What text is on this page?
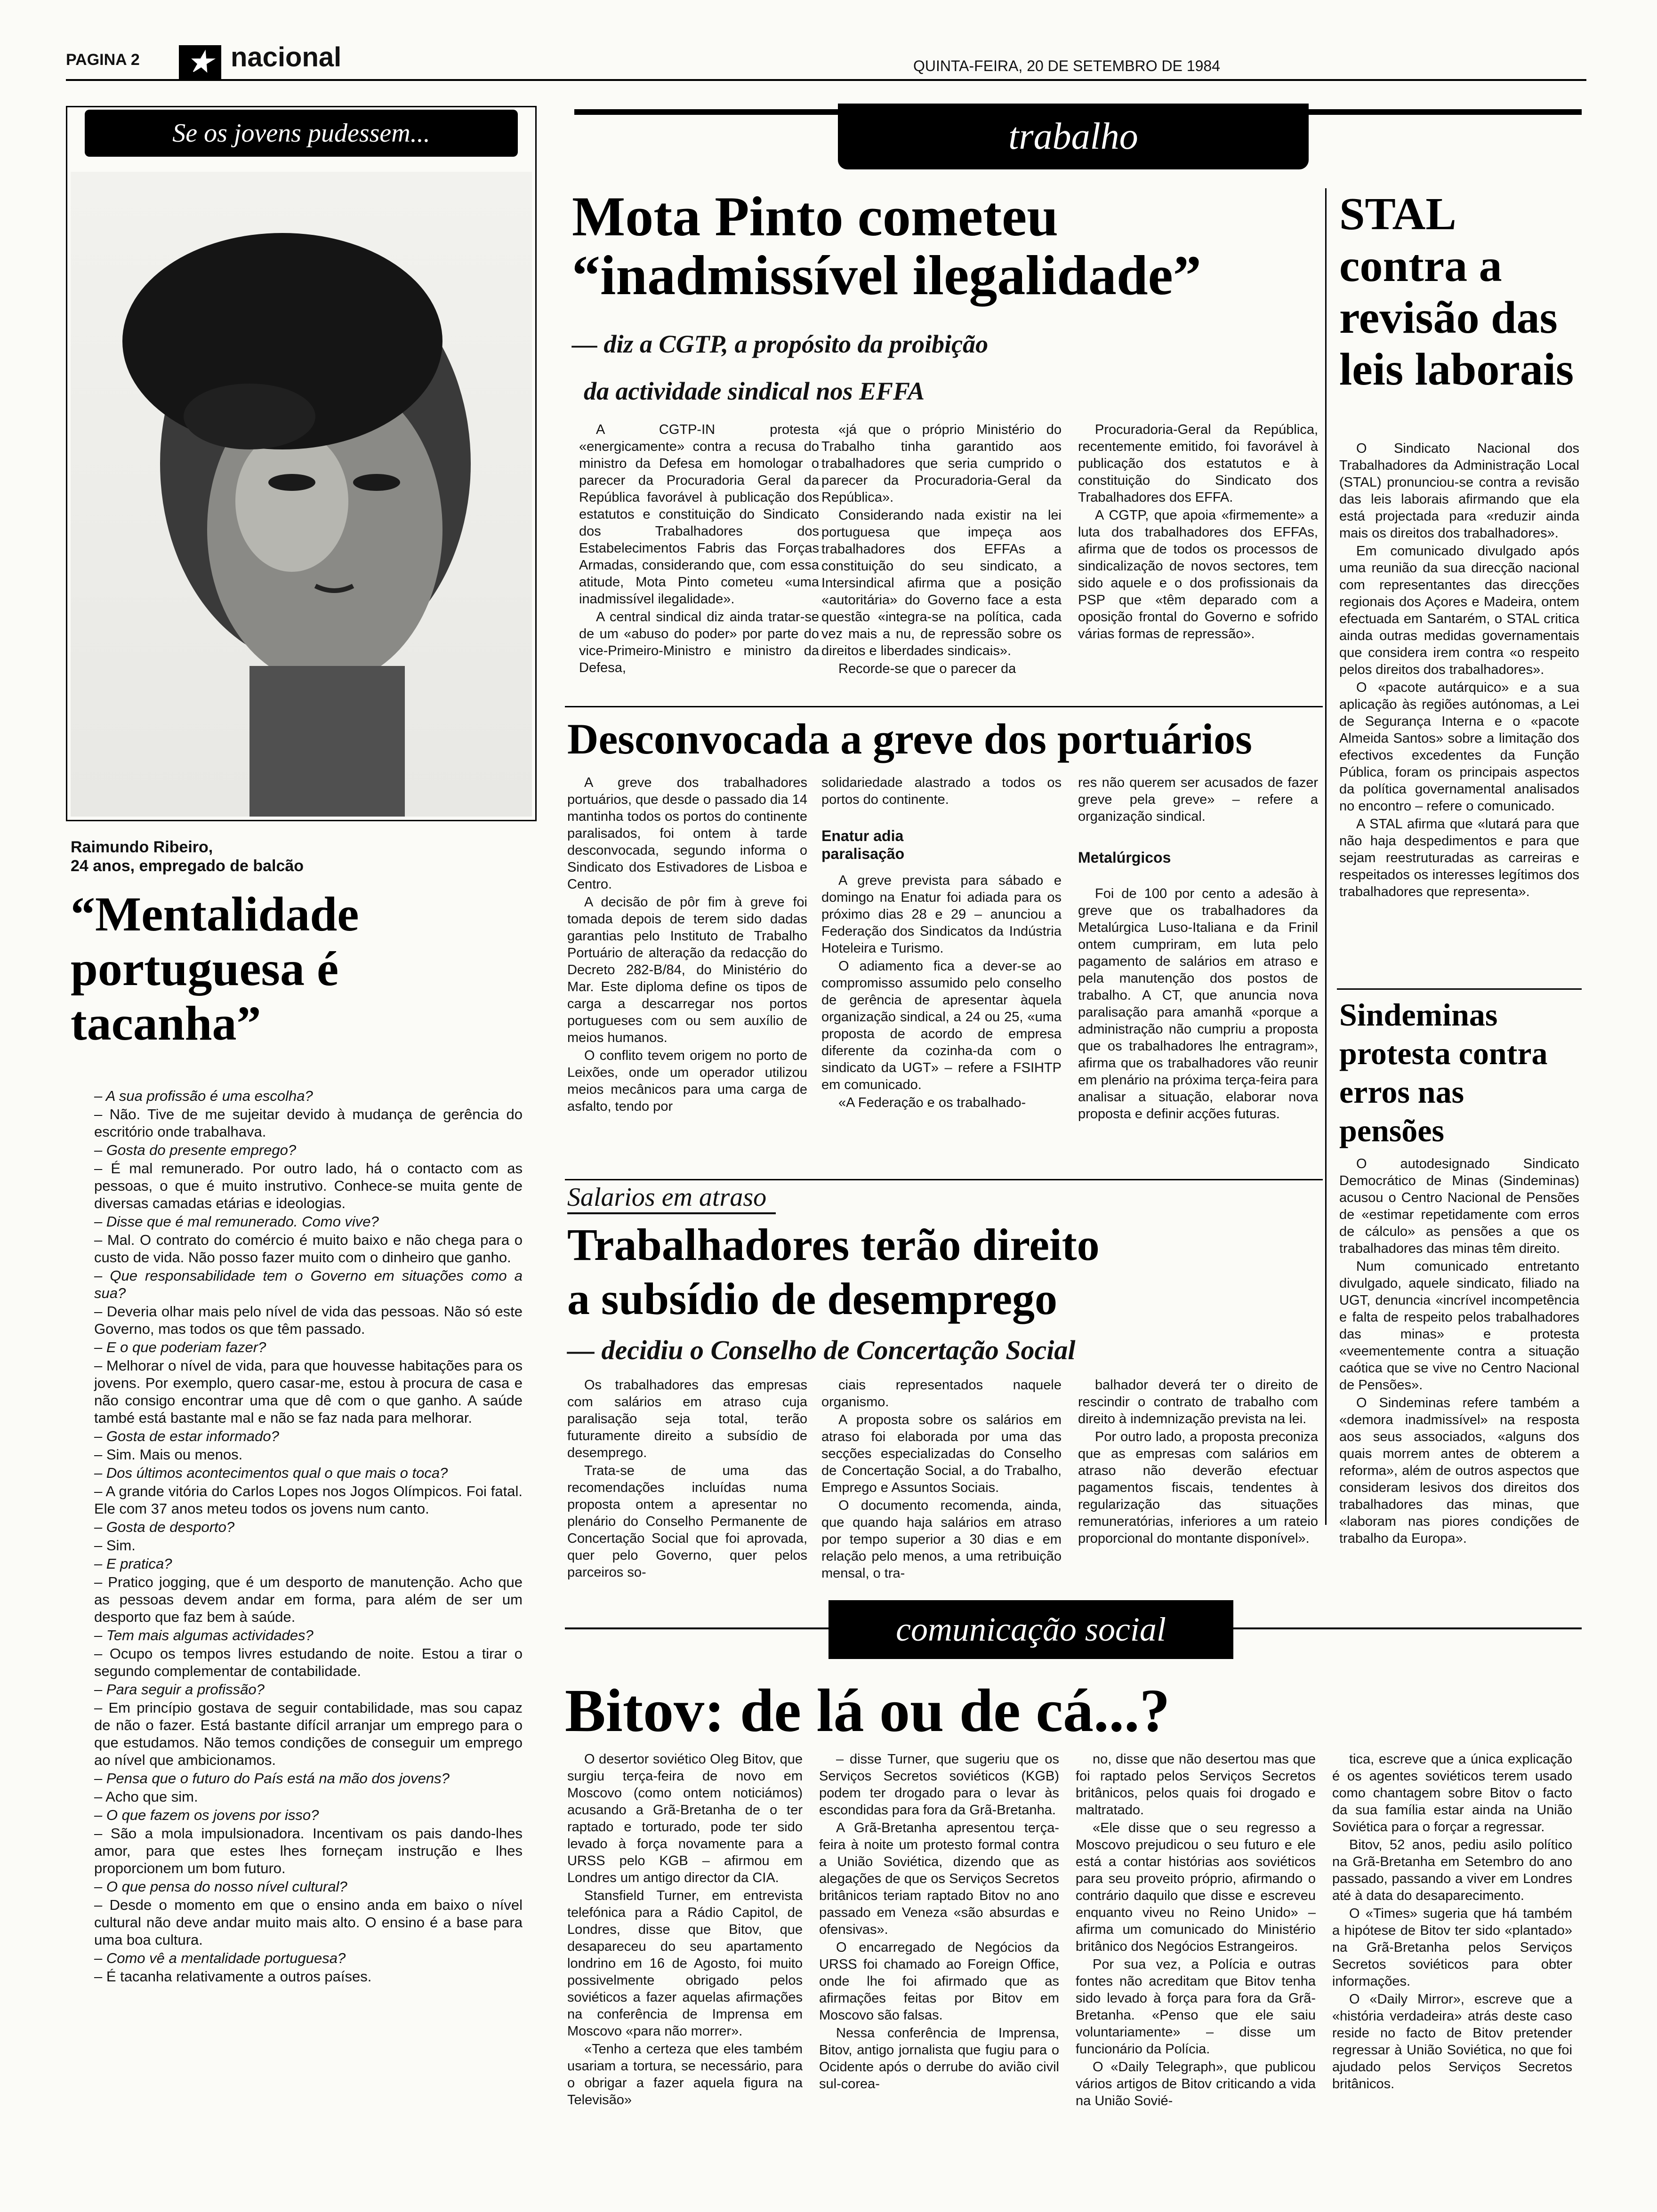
PAGINA 2	★ nacional	QUINTA-FEIRA, 20 DE SETEMBRO DE 1984
Se os jovens pudessem...
Raimundo Ribeiro,
24 anos, empregado de balcão
“Mentalidade portuguesa é tacanha”

– A sua profissão é uma escolha?

– Não. Tive de me sujeitar devido à mudança de gerência do escritório onde trabalhava.

– Gosta do presente emprego?

– É mal remunerado. Por outro lado, há o contacto com as pessoas, o que é muito instrutivo. Conhece-se muita gente de diversas camadas etárias e ideologias.

– Disse que é mal remunerado. Como vive?

– Mal. O contrato do comércio é muito baixo e não chega para o custo de vida. Não posso fazer muito com o dinheiro que ganho.

– Que responsabilidade tem o Governo em situações como a sua?

– Deveria olhar mais pelo nível de vida das pessoas. Não só este Governo, mas todos os que têm passado.

– E o que poderiam fazer?

– Melhorar o nível de vida, para que houvesse habitações para os jovens. Por exemplo, quero casar-me, estou à procura de casa e não consigo encontrar uma que dê com o que ganho. A saúde també está bastante mal e não se faz nada para melhorar.

– Gosta de estar informado?

– Sim. Mais ou menos.

– Dos últimos acontecimentos qual o que mais o toca?

– A grande vitória do Carlos Lopes nos Jogos Olímpicos. Foi fatal. Ele com 37 anos meteu todos os jovens num canto.

– Gosta de desporto?

– Sim.

– E pratica?

– Pratico jogging, que é um desporto de manutenção. Acho que as pessoas devem andar em forma, para além de ser um desporto que faz bem à saúde.

– Tem mais algumas actividades?

– Ocupo os tempos livres estudando de noite. Estou a tirar o segundo complementar de contabilidade.

– Para seguir a profissão?

– Em princípio gostava de seguir contabilidade, mas sou capaz de não o fazer. Está bastante difícil arranjar um emprego para o que estudamos. Não temos condições de conseguir um emprego ao nível que ambicionamos.

– Pensa que o futuro do País está na mão dos jovens?

– Acho que sim.

– O que fazem os jovens por isso?

– São a mola impulsionadora. Incentivam os pais dando-lhes amor, para que estes lhes forneçam instrução e lhes proporcionem um bom futuro.

– O que pensa do nosso nível cultural?

– Desde o momento em que o ensino anda em baixo o nível cultural não deve andar muito mais alto. O ensino é a base para uma boa cultura.

– Como vê a mentalidade portuguesa?

– É tacanha relativamente a outros países.

trabalho
Mota Pinto cometeu
“inadmissível ilegalidade”
— diz a CGTP, a propósito da proibição
da actividade sindical nos EFFA

A CGTP-IN protesta «energicamente» contra a recusa do ministro da Defesa em homologar o parecer da Procuradoria Geral da República favorável à publicação dos estatutos e constituição do Sindicato dos Trabalhadores dos Estabelecimentos Fabris das Forças Armadas, considerando que, com essa atitude, Mota Pinto cometeu «uma inadmissível ilegalidade».

A central sindical diz ainda tratar-se de um «abuso do poder» por parte do vice-Primeiro-Ministro e ministro da Defesa,

«já que o próprio Ministério do Trabalho tinha garantido aos trabalhadores que seria cumprido o parecer da Procuradoria-Geral da República».

Considerando nada existir na lei portuguesa que impeça aos trabalhadores dos EFFAs a constituição do seu sindicato, a Intersindical afirma que a posição «autoritária» do Governo face a esta questão «integra-se na política, cada vez mais a nu, de repressão sobre os direitos e liberdades sindicais».

Recorde-se que o parecer da

Procuradoria-Geral da República, recentemente emitido, foi favorável à publicação dos estatutos e à constituição do Sindicato dos Trabalhadores dos EFFA.

A CGTP, que apoia «firmemente» a luta dos trabalhadores dos EFFAs, afirma que de todos os processos de sindicalização de novos sectores, tem sido aquele e o dos profissionais da PSP que «têm deparado com a oposição frontal do Governo e sofrido várias formas de repressão».

STAL contra a revisão das leis laborais

O Sindicato Nacional dos Trabalhadores da Administração Local (STAL) pronunciou-se contra a revisão das leis laborais afirmando que ela está projectada para «reduzir ainda mais os direitos dos trabalhadores».

Em comunicado divulgado após uma reunião da sua direcção nacional com representantes das direcções regionais dos Açores e Madeira, ontem efectuada em Santarém, o STAL critica ainda outras medidas governamentais que considera irem contra «o respeito pelos direitos dos trabalhadores».

O «pacote autárquico» e a sua aplicação às regiões autónomas, a Lei de Segurança Interna e o «pacote Almeida Santos» sobre a limitação dos efectivos excedentes da Função Pública, foram os principais aspectos da política governamental analisados no encontro – refere o comunicado.

A STAL afirma que «lutará para que não haja despedimentos e para que sejam reestruturadas as carreiras e respeitados os interesses legítimos dos trabalhadores que representa».

Sindeminas protesta contra erros nas pensões

O autodesignado Sindicato Democrático de Minas (Sindeminas) acusou o Centro Nacional de Pensões de «estimar repetidamente com erros de cálculo» as pensões a que os trabalhadores das minas têm direito.

Num comunicado entretanto divulgado, aquele sindicato, filiado na UGT, denuncia «incrível incompetência e falta de respeito pelos trabalhadores das minas» e protesta «veementemente contra a situação caótica que se vive no Centro Nacional de Pensões».

O Sindeminas refere também a «demora inadmissível» na resposta aos seus associados, «alguns dos quais morrem antes de obterem a reforma», além de outros aspectos que consideram lesivos dos direitos dos trabalhadores das minas, que «laboram nas piores condições de trabalho da Europa».

Desconvocada a greve dos portuários

A greve dos trabalhadores portuários, que desde o passado dia 14 mantinha todos os portos do continente paralisados, foi ontem à tarde desconvocada, segundo informa o Sindicato dos Estivadores de Lisboa e Centro.

A decisão de pôr fim à greve foi tomada depois de terem sido dadas garantias pelo Instituto de Trabalho Portuário de alteração da redacção do Decreto 282-B/84, do Ministério do Mar. Este diploma define os tipos de carga a descarregar nos portos portugueses com ou sem auxílio de meios humanos.

O conflito tevem origem no porto de Leixões, onde um operador utilizou meios mecânicos para uma carga de asfalto, tendo por

solidariedade alastrado a todos os portos do continente.
Enatur adia paralisação

A greve prevista para sábado e domingo na Enatur foi adiada para os próximo dias 28 e 29 – anunciou a Federação dos Sindicatos da Indústria Hoteleira e Turismo.

O adiamento fica a dever-se ao compromisso assumido pelo conselho de gerência de apresentar àquela organização sindical, a 24 ou 25, «uma proposta de acordo de empresa diferente da cozinha-da com o sindicato da UGT» – refere a FSIHTP em comunicado.

«A Federação e os trabalhado-

res não querem ser acusados de fazer greve pela greve» – refere a organização sindical.
Metalúrgicos

Foi de 100 por cento a adesão à greve que os trabalhadores da Metalúrgica Luso-Italiana e da Frinil ontem cumpriram, em luta pelo pagamento de salários em atraso e pela manutenção dos postos de trabalho. A CT, que anuncia nova paralisação para amanhã «porque a administração não cumpriu a proposta que os trabalhadores lhe entragram», afirma que os trabalhadores vão reunir em plenário na próxima terça-feira para analisar a situação, elaborar nova proposta e definir acções futuras.

Salarios em atraso
Trabalhadores terão direito
a subsídio de desemprego
— decidiu o Conselho de Concertação Social

Os trabalhadores das empresas com salários em atraso cuja paralisação seja total, terão futuramente direito a subsídio de desemprego.

Trata-se de uma das recomendações incluídas numa proposta ontem a apresentar no plenário do Conselho Permanente de Concertação Social que foi aprovada, quer pelo Governo, quer pelos parceiros so-

ciais representados naquele organismo.

A proposta sobre os salários em atraso foi elaborada por uma das secções especializadas do Conselho de Concertação Social, a do Trabalho, Emprego e Assuntos Sociais.

O documento recomenda, ainda, que quando haja salários em atraso por tempo superior a 30 dias e em relação pelo menos, a uma retribuição mensal, o tra-

balhador deverá ter o direito de rescindir o contrato de trabalho com direito à indemnização prevista na lei.

Por outro lado, a proposta preconiza que as empresas com salários em atraso não deverão efectuar pagamentos fiscais, tendentes à regularização das situações remuneratórias, inferiores a um rateio proporcional do montante disponível».

comunicação social
Bitov: de lá ou de cá...?

O desertor soviético Oleg Bitov, que surgiu terça-feira de novo em Moscovo (como ontem noticiámos) acusando a Grã-Bretanha de o ter raptado e torturado, pode ter sido levado à força novamente para a URSS pelo KGB – afirmou em Londres um antigo director da CIA.

Stansfield Turner, em entrevista telefónica para a Rádio Capitol, de Londres, disse que Bitov, que desapareceu do seu apartamento londrino em 16 de Agosto, foi muito possivelmente obrigado pelos soviéticos a fazer aquelas afirmações na conferência de Imprensa em Moscovo «para não morrer».

«Tenho a certeza que eles também usariam a tortura, se necessário, para o obrigar a fazer aquela figura na Televisão»

– disse Turner, que sugeriu que os Serviços Secretos soviéticos (KGB) podem ter drogado para o levar às escondidas para fora da Grã-Bretanha.

A Grã-Bretanha apresentou terça-feira à noite um protesto formal contra a União Soviética, dizendo que as alegações de que os Serviços Secretos britânicos teriam raptado Bitov no ano passado em Veneza «são absurdas e ofensivas».

O encarregado de Negócios da URSS foi chamado ao Foreign Office, onde lhe foi afirmado que as afirmações feitas por Bitov em Moscovo são falsas.

Nessa conferência de Imprensa, Bitov, antigo jornalista que fugiu para o Ocidente após o derrube do avião civil sul-corea-

no, disse que não desertou mas que foi raptado pelos Serviços Secretos britânicos, pelos quais foi drogado e maltratado.

«Ele disse que o seu regresso a Moscovo prejudicou o seu futuro e ele está a contar histórias aos soviéticos para seu proveito próprio, afirmando o contrário daquilo que disse e escreveu enquanto viveu no Reino Unido» – afirma um comunicado do Ministério britânico dos Negócios Estrangeiros.

Por sua vez, a Polícia e outras fontes não acreditam que Bitov tenha sido levado à força para fora da Grã-Bretanha. «Penso que ele saiu voluntariamente» – disse um funcionário da Polícia.

O «Daily Telegraph», que publicou vários artigos de Bitov criticando a vida na União Sovié-

tica, escreve que a única explicação é os agentes soviéticos terem usado como chantagem sobre Bitov o facto da sua família estar ainda na União Soviética para o forçar a regressar.

Bitov, 52 anos, pediu asilo político na Grã-Bretanha em Setembro do ano passado, passando a viver em Londres até à data do desaparecimento.

O «Times» sugeria que há também a hipótese de Bitov ter sido «plantado» na Grã-Bretanha pelos Serviços Secretos soviéticos para obter informações.

O «Daily Mirror», escreve que a «história verdadeira» atrás deste caso reside no facto de Bitov pretender regressar à União Soviética, no que foi ajudado pelos Serviços Secretos britânicos.
